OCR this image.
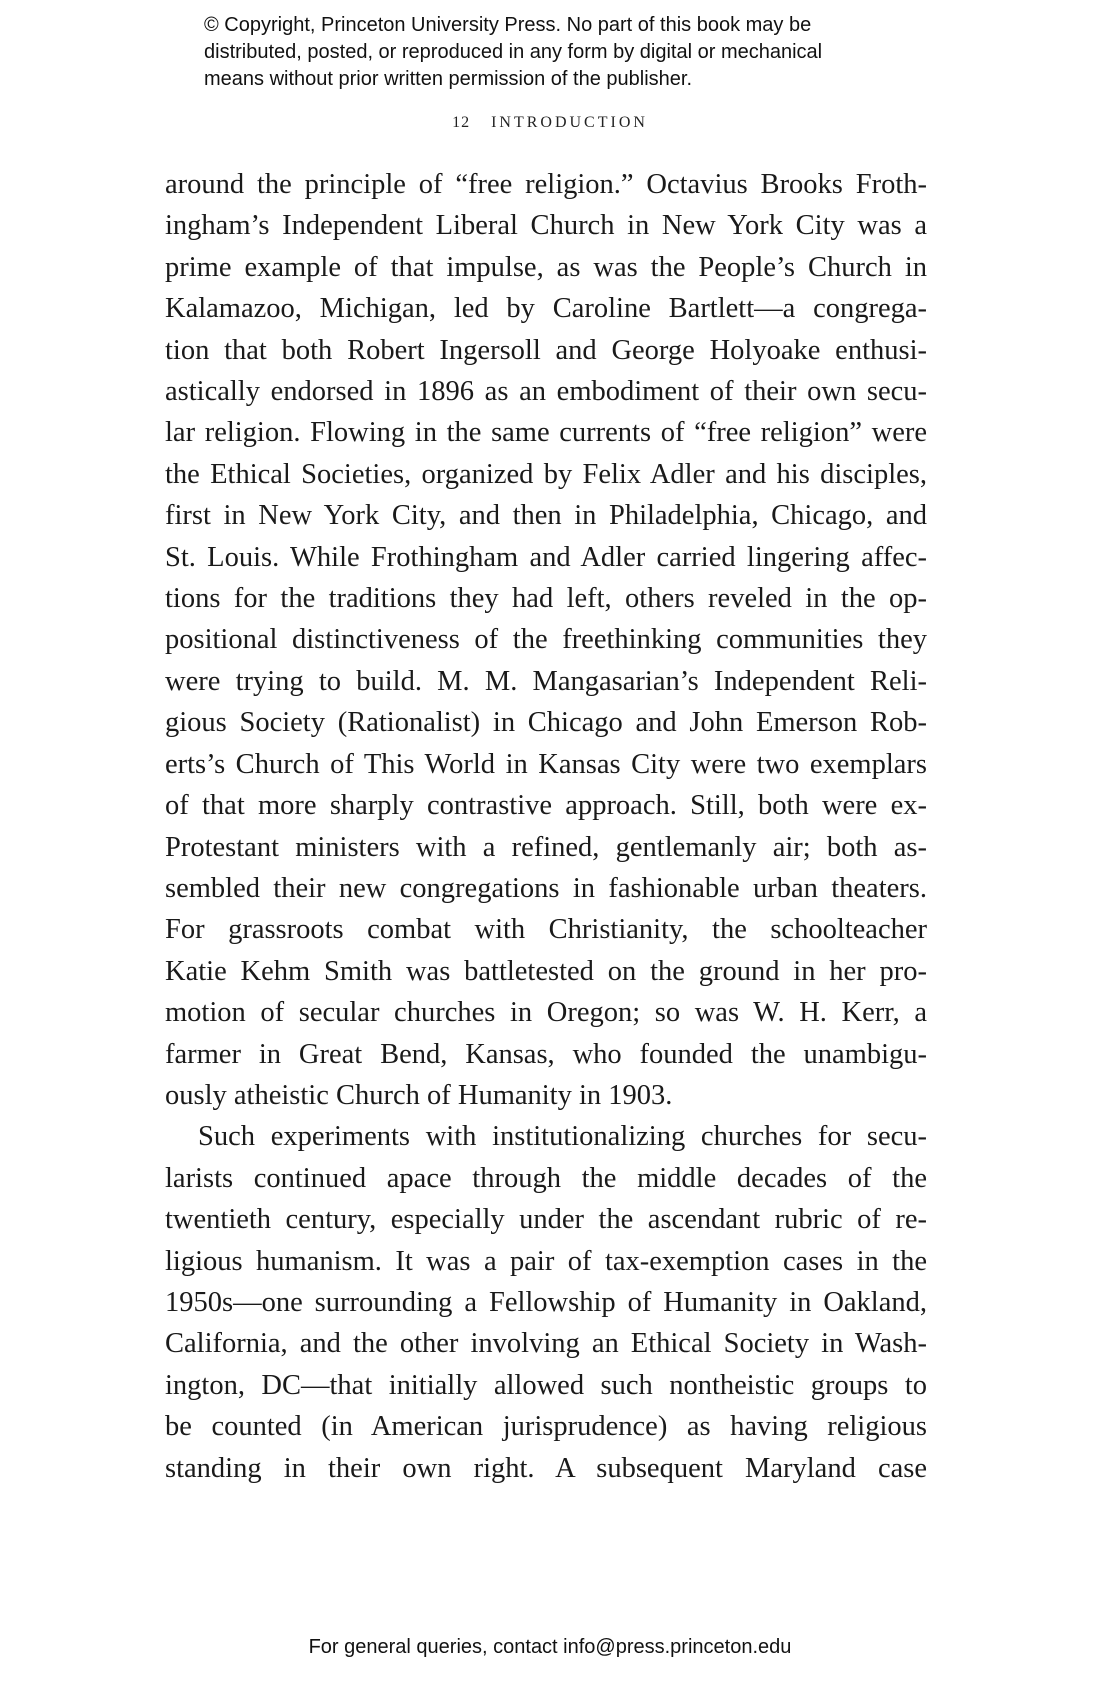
© Copyright, Princeton University Press. No part of this book may be
distributed, posted, or reproduced in any form by digital or mechanical
means without prior written permission of the publisher.
12 INTRODUCTION

around the principle of “free religion.” Octavius Brooks Froth-
ingham’s Independent Liberal Church in New York City was a
prime example of that impulse, as was the People’s Church in
Kalamazoo, Michigan, led by Caroline Bartlett—a congrega-
tion that both Robert Ingersoll and George Holyoake enthusi-
astically endorsed in 1896 as an embodiment of their own secu-
lar religion. Flowing in the same currents of “free religion” were
the Ethical Societies, organized by Felix Adler and his disciples,
first in New York City, and then in Philadelphia, Chicago, and
St. Louis. While Frothingham and Adler carried lingering affec-
tions for the traditions they had left, others reveled in the op-
positional distinctiveness of the freethinking communities they
were trying to build. M. M. Mangasarian’s Independent Reli-
gious Society (Rationalist) in Chicago and John Emerson Rob-
erts’s Church of This World in Kansas City were two exemplars
of that more sharply contrastive approach. Still, both were ex-
Protestant ministers with a refined, gentlemanly air; both as-
sembled their new congregations in fashionable urban theaters.
For grassroots combat with Christianity, the schoolteacher
Katie Kehm Smith was battletested on the ground in her pro-
motion of secular churches in Oregon; so was W. H. Kerr, a
farmer in Great Bend, Kansas, who founded the unambigu-
ously atheistic Church of Humanity in 1903.

Such experiments with institutionalizing churches for secu-
larists continued apace through the middle decades of the
twentieth century, especially under the ascendant rubric of re-
ligious humanism. It was a pair of tax-exemption cases in the
1950s—one surrounding a Fellowship of Humanity in Oakland,
California, and the other involving an Ethical Society in Wash-
ington, DC—that initially allowed such nontheistic groups to
be counted (in American jurisprudence) as having religious
standing in their own right. A subsequent Maryland case

For general queries, contact info@press.princeton.edu
